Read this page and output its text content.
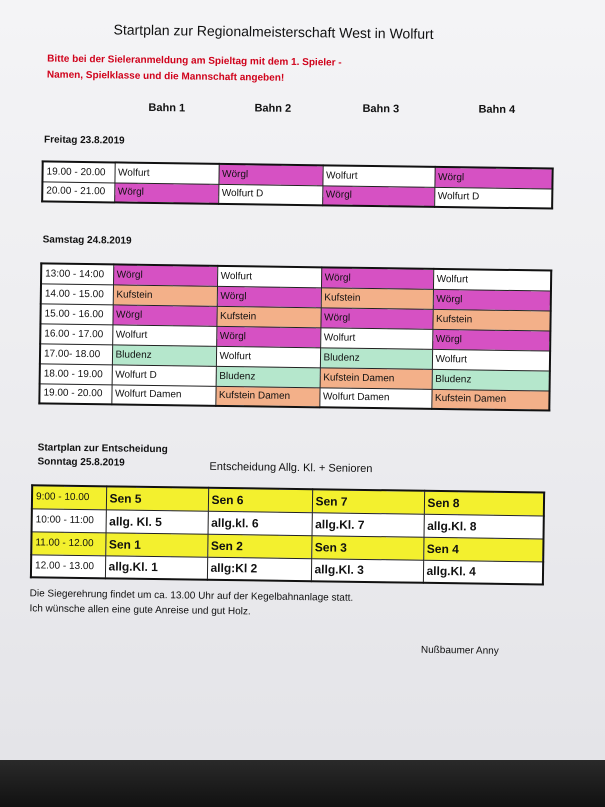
Startplan zur Regionalmeisterschaft West in Wolfurt
Bitte bei der Sieleranmeldung am Spieltag mit dem 1. Spieler -
Namen, Spielklasse und die Mannschaft angeben!
Bahn 1	Bahn 2	Bahn 3	Bahn 4
Freitag 23.8.2019
19.00 - 20.00	Wolfurt	Wörgl	Wolfurt	Wörgl
20.00 - 21.00	Wörgl	Wolfurt D	Wörgl	Wolfurt D
Samstag 24.8.2019
13:00 - 14:00	Wörgl	Wolfurt	Wörgl	Wolfurt
14.00 - 15.00	Kufstein	Wörgl	Kufstein	Wörgl
15.00 - 16.00	Wörgl	Kufstein	Wörgl	Kufstein
16.00 - 17.00	Wolfurt	Wörgl	Wolfurt	Wörgl
17.00- 18.00	Bludenz	Wolfurt	Bludenz	Wolfurt
18.00 - 19.00	Wolfurt D	Bludenz	Kufstein Damen	Bludenz
19.00 - 20.00	Wolfurt Damen	Kufstein Damen	Wolfurt Damen	Kufstein Damen
Startplan zur Entscheidung
Sonntag 25.8.2019	Entscheidung Allg. Kl. + Senioren
9:00 - 10.00	Sen 5	Sen 6	Sen 7	Sen 8
10:00 - 11:00	allg. Kl. 5	allg.kl. 6	allg.Kl. 7	allg.Kl. 8
11.00 - 12.00	Sen 1	Sen 2	Sen 3	Sen 4
12.00 - 13.00	allg.Kl. 1	allg:Kl 2	allg.Kl. 3	allg.Kl. 4
Die Siegerehrung findet um ca. 13.00 Uhr auf der Kegelbahnanlage statt.
Ich wünsche allen eine gute Anreise und gut Holz.
Nußbaumer Anny
